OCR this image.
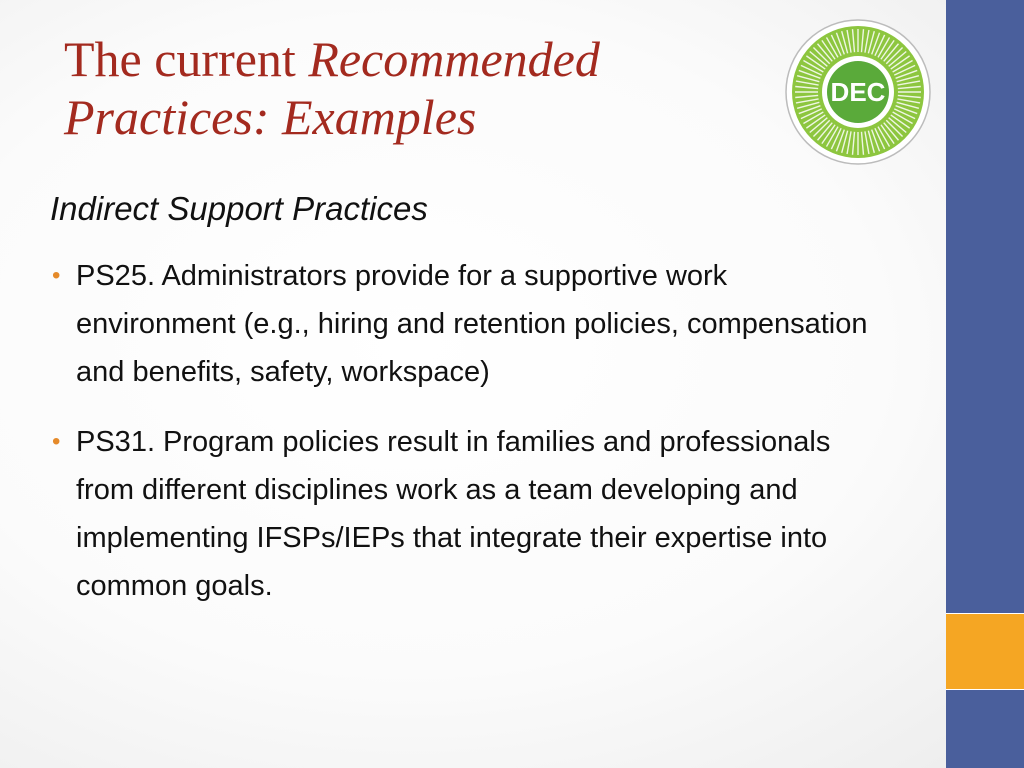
The current Recommended Practices: Examples	DEC
Indirect Support Practices
• PS25. Administrators provide for a supportive work environment (e.g., hiring and retention policies, compensation and benefits, safety, workspace)
• PS31. Program policies result in families and professionals from different disciplines work as a team developing and implementing IFSPs/IEPs that integrate their expertise into common goals.
